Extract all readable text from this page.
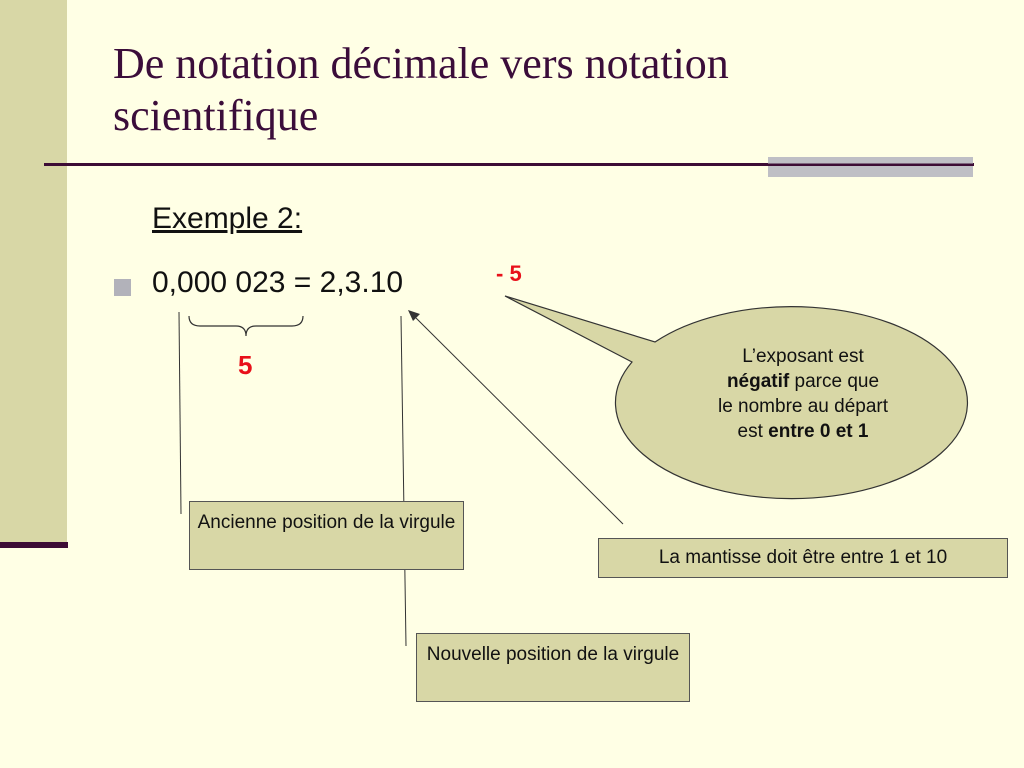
De notation décimale vers notation
scientifique
Exemple 2:
0,000 023 = 2,3.10	- 5
5	L’exposant est
négatif parce que
le nombre au départ
est entre 0 et 1
Ancienne position de la virgule
Nouvelle position de la virgule
La mantisse doit être entre 1 et 10
